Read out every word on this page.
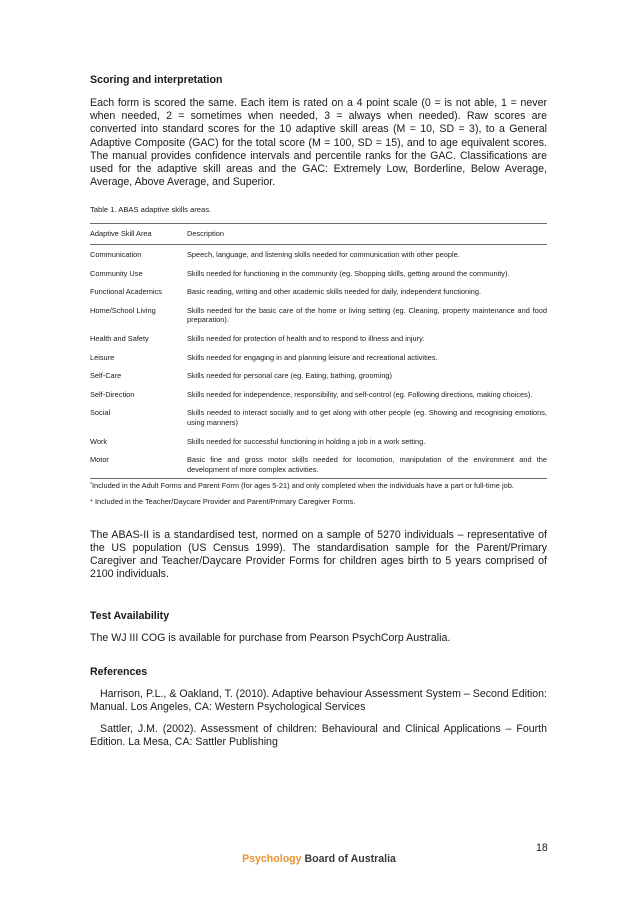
Scoring and interpretation

Each form is scored the same. Each item is rated on a 4 point scale (0 = is not able, 1 = never when needed, 2 = sometimes when needed, 3 = always when needed). Raw scores are converted into standard scores for the 10 adaptive skill areas (M = 10, SD = 3), to a General Adaptive Composite (GAC) for the total score (M = 100, SD = 15), and to age equivalent scores. The manual provides confidence intervals and percentile ranks for the GAC. Classifications are used for the adaptive skill areas and the GAC: Extremely Low, Borderline, Below Average, Average, Above Average, and Superior.

Table 1. ABAS adaptive skills areas.

Adaptive Skill Area	Description
Communication	Speech, language, and listening skills needed for communication with other people.
Community Use	Skills needed for functioning in the community (eg. Shopping skills, getting around the community).
Functional Academics	Basic reading, writing and other academic skills needed for daily, independent functioning.
Home/School Living	Skills needed for the basic care of the home or living setting (eg. Cleaning, property maintenance and food preparation).
Health and Safety	Skills needed for protection of health and to respond to illness and injury.
Leisure	Skills needed for engaging in and planning leisure and recreational activities.
Self-Care	Skills needed for personal care (eg. Eating, bathing, grooming)
Self-Direction	Skills needed for independence, responsibility, and self-control (eg. Following directions, making choices).
Social	Skills needed to interact socially and to get along with other people (eg. Showing and recognising emotions, using manners)
Work	Skills needed for successful functioning in holding a job in a work setting.
Motor	Basic fine and gross motor skills needed for locomotion, manipulation of the environment and the development of more complex activities.

*Included in the Adult Forms and Parent Form (for ages 5-21) and only completed when the individuals have a part or full-time job.

+ Included in the Teacher/Daycare Provider and Parent/Primary Caregiver Forms.

The ABAS-II is a standardised test, normed on a sample of 5270 individuals – representative of the US population (US Census 1999). The standardisation sample for the Parent/Primary Caregiver and Teacher/Daycare Provider Forms for children ages birth to 5 years comprised of 2100 individuals.

Test Availability

The WJ III COG is available for purchase from Pearson PsychCorp Australia.

References

Harrison, P.L., & Oakland, T. (2010). Adaptive behaviour Assessment System – Second Edition: Manual. Los Angeles, CA: Western Psychological Services

Sattler, J.M. (2002). Assessment of children: Behavioural and Clinical Applications – Fourth Edition. La Mesa, CA: Sattler Publishing

18
Psychology Board of Australia
